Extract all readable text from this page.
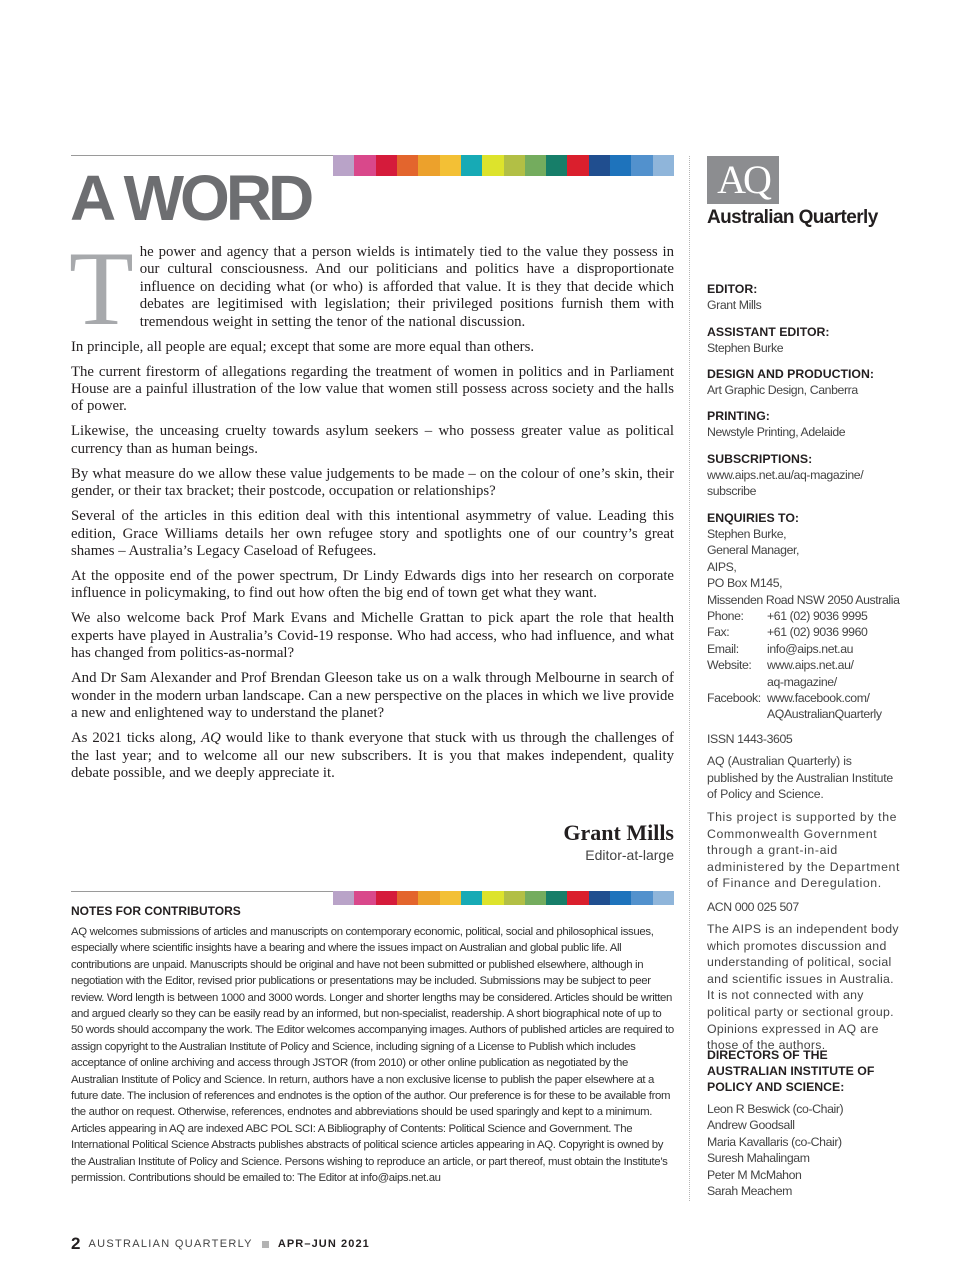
A WORD

The power and agency that a person wields is intimately tied to the value they possess in our cultural consciousness. And our politicians and politics have a disproportionate influence on deciding what (or who) is afforded that value. It is they that decide which debates are legitimised with legislation; their privileged positions furnish them with tremendous weight in setting the tenor of the national discussion.

In principle, all people are equal; except that some are more equal than others.

The current firestorm of allegations regarding the treatment of women in politics and in Parliament House are a painful illustration of the low value that women still possess across society and the halls of power.

Likewise, the unceasing cruelty towards asylum seekers – who possess greater value as political currency than as human beings.

By what measure do we allow these value judgements to be made – on the colour of one’s skin, their gender, or their tax bracket; their postcode, occupation or relationships?

Several of the articles in this edition deal with this intentional asymmetry of value. Leading this edition, Grace Williams details her own refugee story and spotlights one of our country’s great shames – Australia’s Legacy Caseload of Refugees.

At the opposite end of the power spectrum, Dr Lindy Edwards digs into her research on corporate influence in policymaking, to find out how often the big end of town get what they want.

We also welcome back Prof Mark Evans and Michelle Grattan to pick apart the role that health experts have played in Australia’s Covid-19 response. Who had access, who had influence, and what has changed from politics-as-normal?

And Dr Sam Alexander and Prof Brendan Gleeson take us on a walk through Melbourne in search of wonder in the modern urban landscape. Can a new perspective on the places in which we live provide a new and enlightened way to understand the planet?

As 2021 ticks along, AQ would like to thank everyone that stuck with us through the challenges of the last year; and to welcome all our new subscribers. It is you that makes independent, quality debate possible, and we deeply appreciate it.

Grant Mills
Editor-at-large
NOTES FOR CONTRIBUTORS
AQ welcomes submissions of articles and manuscripts on contemporary economic, political, social and philosophical issues, especially where scientific insights have a bearing and where the issues impact on Australian and global public life. All contributions are unpaid. Manuscripts should be original and have not been submitted or published elsewhere, although in negotiation with the Editor, revised prior publications or presentations may be included. Submissions may be subject to peer review. Word length is between 1000 and 3000 words. Longer and shorter lengths may be considered. Articles should be written and argued clearly so they can be easily read by an informed, but non-specialist, readership. A short biographical note of up to 50 words should accompany the work. The Editor welcomes accompanying images. Authors of published articles are required to assign copyright to the Australian Institute of Policy and Science, including signing of a License to Publish which includes acceptance of online archiving and access through JSTOR (from 2010) or other online publication as negotiated by the Australian Institute of Policy and Science. In return, authors have a non exclusive license to publish the paper elsewhere at a future date. The inclusion of references and endnotes is the option of the author. Our preference is for these to be available from the author on request. Otherwise, references, endnotes and abbreviations should be used sparingly and kept to a minimum. Articles appearing in AQ are indexed ABC POL SCI: A Bibliography of Contents: Political Science and Government. The International Political Science Abstracts publishes abstracts of political science articles appearing in AQ. Copyright is owned by the Australian Institute of Policy and Science. Persons wishing to reproduce an article, or part thereof, must obtain the Institute’s permission. Contributions should be emailed to: The Editor at info@aips.net.au
AQ
Australian Quarterly
EDITOR:
Grant Mills
ASSISTANT EDITOR:
Stephen Burke
DESIGN AND PRODUCTION:
Art Graphic Design, Canberra
PRINTING:
Newstyle Printing, Adelaide
SUBSCRIPTIONS:
www.aips.net.au/aq-magazine/
subscribe
ENQUIRIES TO:
Stephen Burke,
General Manager,
AIPS,
PO Box M145,
Missenden Road NSW 2050 Australia
Phone:	+61 (02) 9036 9995
Fax:	+61 (02) 9036 9960
Email:	info@aips.net.au
Website:	www.aips.net.au/
aq-magazine/
Facebook: www.facebook.com/
AQAustralianQuarterly
ISSN 1443-3605
AQ (Australian Quarterly) is published by the Australian Institute of Policy and Science.
This project is supported by the Commonwealth Government through a grant-in-aid administered by the Department of Finance and Deregulation.
ACN 000 025 507
The AIPS is an independent body which promotes discussion and understanding of political, social and scientific issues in Australia. It is not connected with any political party or sectional group. Opinions expressed in AQ are those of the authors.
DIRECTORS OF THE AUSTRALIAN INSTITUTE OF POLICY AND SCIENCE:
Leon R Beswick (co-Chair)
Andrew Goodsall
Maria Kavallaris (co-Chair)
Suresh Mahalingam
Peter M McMahon
Sarah Meachem
2 AUSTRALIAN QUARTERLY APR–JUN 2021
